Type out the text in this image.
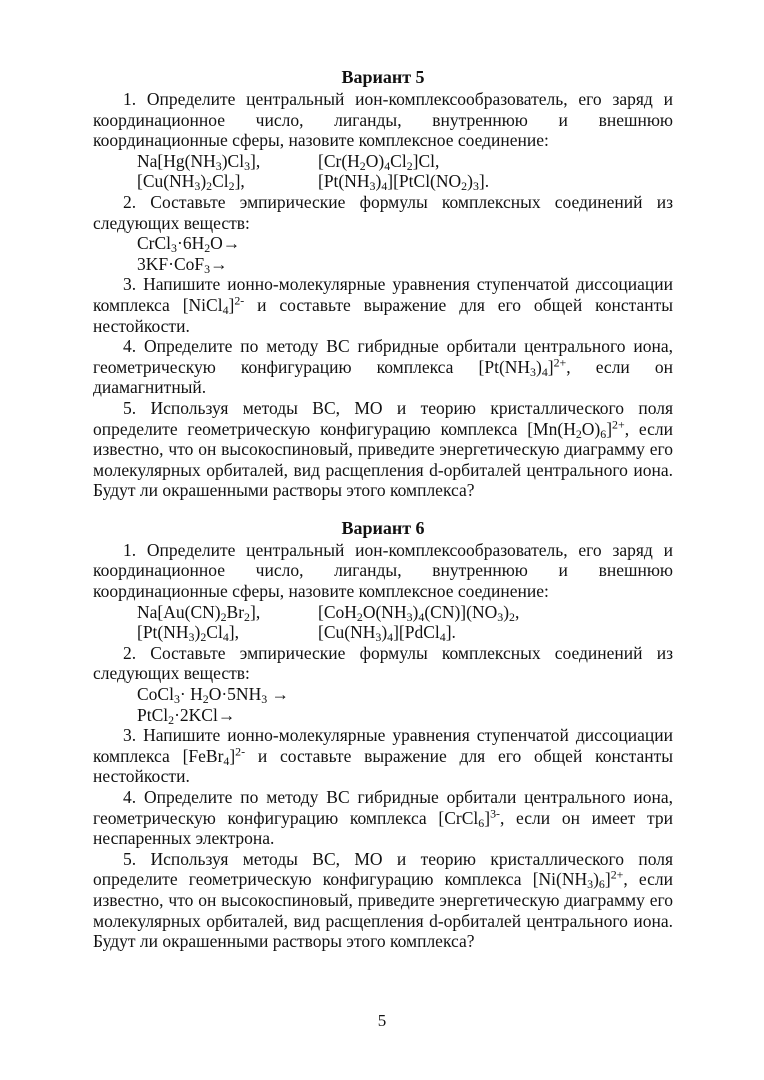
Вариант 5

1. Определите центральный ион-комплексообразователь, его заряд и координационное число, лиганды, внутреннюю и внешнюю координационные сферы, назовите комплексное соединение:

$Na[Hg(NH_3)Cl_3]$,	$[Cr(H_2O)_4Cl_2]Cl$,
$[Cu(NH_3)_2Cl_2]$,	$[Pt(NH_3)_4][PtCl(NO_2)_3]$.

2. Составьте эмпирические формулы комплексных соединений из следующих веществ:

$CrCl_3\cdot 6H_2O\to$
3KF·CoF$_3$→

3. Напишите ионно-молекулярные уравнения ступенчатой диссоциации комплекса [NiCl$_4$]$^{2-}$ и составьте выражение для его общей константы нестойкости.

4. Определите по методу ВС гибридные орбитали центрального иона, геометрическую конфигурацию комплекса $[Pt(NH_3)_4]^{2+}$, если он диамагнитный.

5. Используя методы ВС, МО и теорию кристаллического поля определите геометрическую конфигурацию комплекса $[Mn(H_2O)_6]^{2+}$, если известно, что он высокоспиновый, приведите энергетическую диаграмму его молекулярных орбиталей, вид расщепления d-орбиталей центрального иона. Будут ли окрашенными растворы этого комплекса?

Вариант 6

1. Определите центральный ион-комплексообразователь, его заряд и координационное число, лиганды, внутреннюю и внешнюю координационные сферы, назовите комплексное соединение:

$Na[Au(CN)_2Br_2]$,	$[CoH_2O(NH_3)_4(CN)](NO_3)_2$,
$[Pt(NH_3)_2Cl_4]$,	$[Cu(NH_3)_4][PdCl_4]$.

2. Составьте эмпирические формулы комплексных соединений из следующих веществ:

CoCl$_3$· $H_2O\cdot 5NH_3$ →
PtCl$_2$·2KCl→

3. Напишите ионно-молекулярные уравнения ступенчатой диссоциации комплекса [FeBr$_4$]$^{2-}$ и составьте выражение для его общей константы нестойкости.

4. Определите по методу ВС гибридные орбитали центрального иона, геометрическую конфигурацию комплекса [CrCl$_6$]$^{3-}$, если он имеет три неспаренных электрона.

5. Используя методы ВС, МО и теорию кристаллического поля определите геометрическую конфигурацию комплекса $[Ni(NH_3)_6]^{2+}$, если известно, что он высокоспиновый, приведите энергетическую диаграмму его молекулярных орбиталей, вид расщепления d-орбиталей центрального иона. Будут ли окрашенными растворы этого комплекса?

5
